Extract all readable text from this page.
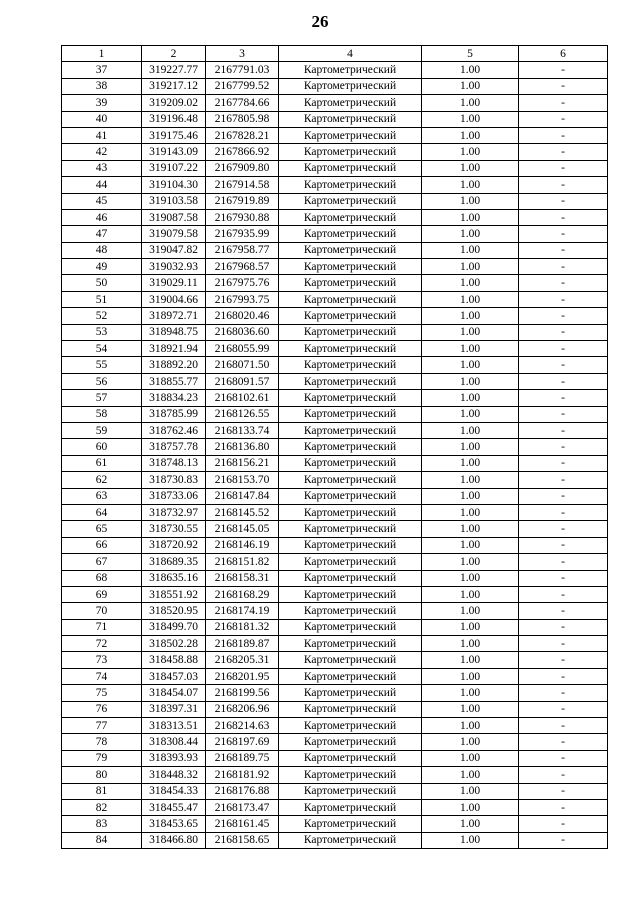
26
1	2	3	4	5	6
37	319227.77	2167791.03	Картометрический	1.00	-
38	319217.12	2167799.52	Картометрический	1.00	-
39	319209.02	2167784.66	Картометрический	1.00	-
40	319196.48	2167805.98	Картометрический	1.00	-
41	319175.46	2167828.21	Картометрический	1.00	-
42	319143.09	2167866.92	Картометрический	1.00	-
43	319107.22	2167909.80	Картометрический	1.00	-
44	319104.30	2167914.58	Картометрический	1.00	-
45	319103.58	2167919.89	Картометрический	1.00	-
46	319087.58	2167930.88	Картометрический	1.00	-
47	319079.58	2167935.99	Картометрический	1.00	-
48	319047.82	2167958.77	Картометрический	1.00	-
49	319032.93	2167968.57	Картометрический	1.00	-
50	319029.11	2167975.76	Картометрический	1.00	-
51	319004.66	2167993.75	Картометрический	1.00	-
52	318972.71	2168020.46	Картометрический	1.00	-
53	318948.75	2168036.60	Картометрический	1.00	-
54	318921.94	2168055.99	Картометрический	1.00	-
55	318892.20	2168071.50	Картометрический	1.00	-
56	318855.77	2168091.57	Картометрический	1.00	-
57	318834.23	2168102.61	Картометрический	1.00	-
58	318785.99	2168126.55	Картометрический	1.00	-
59	318762.46	2168133.74	Картометрический	1.00	-
60	318757.78	2168136.80	Картометрический	1.00	-
61	318748.13	2168156.21	Картометрический	1.00	-
62	318730.83	2168153.70	Картометрический	1.00	-
63	318733.06	2168147.84	Картометрический	1.00	-
64	318732.97	2168145.52	Картометрический	1.00	-
65	318730.55	2168145.05	Картометрический	1.00	-
66	318720.92	2168146.19	Картометрический	1.00	-
67	318689.35	2168151.82	Картометрический	1.00	-
68	318635.16	2168158.31	Картометрический	1.00	-
69	318551.92	2168168.29	Картометрический	1.00	-
70	318520.95	2168174.19	Картометрический	1.00	-
71	318499.70	2168181.32	Картометрический	1.00	-
72	318502.28	2168189.87	Картометрический	1.00	-
73	318458.88	2168205.31	Картометрический	1.00	-
74	318457.03	2168201.95	Картометрический	1.00	-
75	318454.07	2168199.56	Картометрический	1.00	-
76	318397.31	2168206.96	Картометрический	1.00	-
77	318313.51	2168214.63	Картометрический	1.00	-
78	318308.44	2168197.69	Картометрический	1.00	-
79	318393.93	2168189.75	Картометрический	1.00	-
80	318448.32	2168181.92	Картометрический	1.00	-
81	318454.33	2168176.88	Картометрический	1.00	-
82	318455.47	2168173.47	Картометрический	1.00	-
83	318453.65	2168161.45	Картометрический	1.00	-
84	318466.80	2168158.65	Картометрический	1.00	-
